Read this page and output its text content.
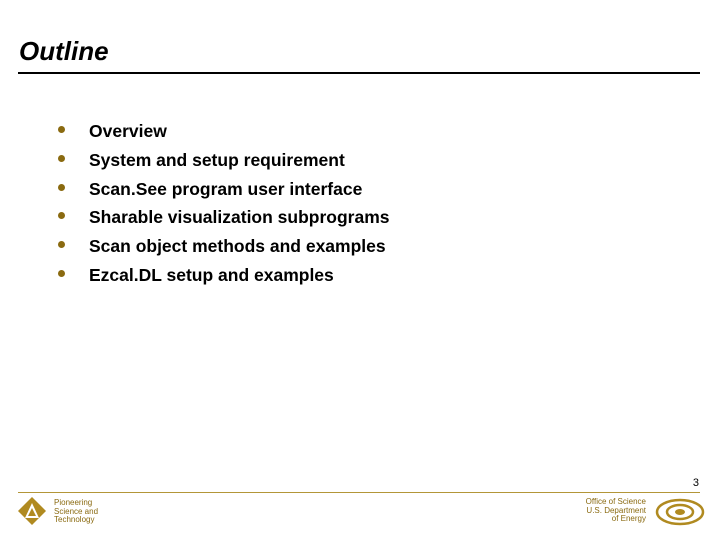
Outline
Overview
System and setup requirement
Scan.See program user interface
Sharable visualization subprograms
Scan object methods and examples
Ezcal.DL setup and examples
3
Pioneering
Science and
Technology
Office of Science
U.S. Department
of Energy
